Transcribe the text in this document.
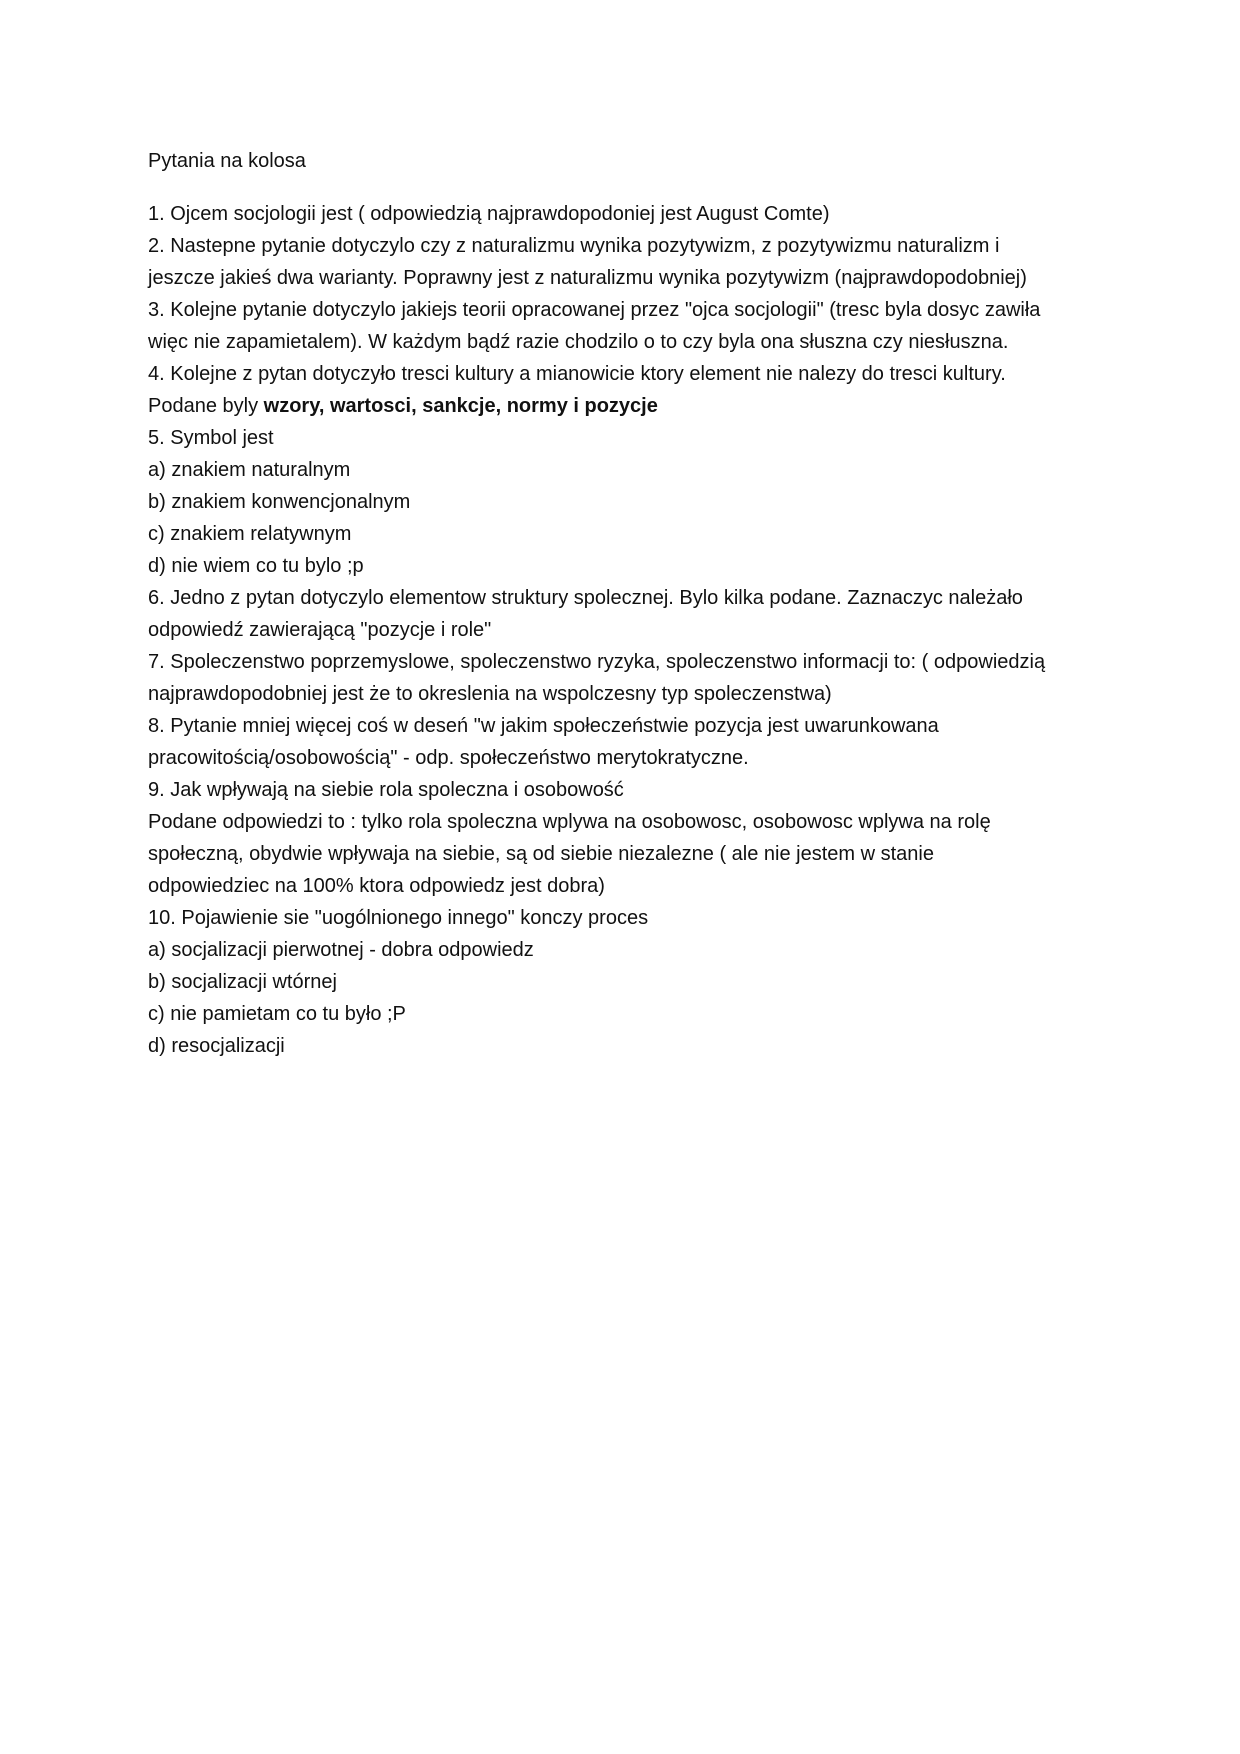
Pytania na kolosa
1. Ojcem socjologii jest ( odpowiedzią najprawdopodoniej jest August Comte)
2. Nastepne pytanie dotyczylo czy z naturalizmu wynika pozytywizm, z pozytywizmu naturalizm i
jeszcze jakieś dwa warianty. Poprawny jest z naturalizmu wynika pozytywizm (najprawdopodobniej)
3. Kolejne pytanie dotyczylo jakiejs teorii opracowanej przez "ojca socjologii" (tresc byla dosyc zawiła
więc nie zapamietalem). W każdym bądź razie chodzilo o to czy byla ona słuszna czy niesłuszna.
4. Kolejne z pytan dotyczyło tresci kultury a mianowicie ktory element nie nalezy do tresci kultury.
Podane byly wzory, wartosci, sankcje, normy i pozycje
5. Symbol jest
a) znakiem naturalnym
b) znakiem konwencjonalnym
c) znakiem relatywnym
d) nie wiem co tu bylo ;p
6. Jedno z pytan dotyczylo elementow struktury spolecznej. Bylo kilka podane. Zaznaczyc należało
odpowiedź zawierającą "pozycje i role"
7. Spoleczenstwo poprzemyslowe, spoleczenstwo ryzyka, spoleczenstwo informacji to: ( odpowiedzią
najprawdopodobniej jest że to okreslenia na wspolczesny typ spoleczenstwa)
8. Pytanie mniej więcej coś w deseń "w jakim społeczeństwie pozycja jest uwarunkowana
pracowitością/osobowością" - odp. społeczeństwo merytokratyczne.
9. Jak wpływają na siebie rola spoleczna i osobowość
Podane odpowiedzi to : tylko rola spoleczna wplywa na osobowosc, osobowosc wplywa na rolę
społeczną, obydwie wpływaja na siebie, są od siebie niezalezne ( ale nie jestem w stanie
odpowiedziec na 100% ktora odpowiedz jest dobra)
10. Pojawienie sie "uogólnionego innego" konczy proces
a) socjalizacji pierwotnej - dobra odpowiedz
b) socjalizacji wtórnej
c) nie pamietam co tu było ;P
d) resocjalizacji
